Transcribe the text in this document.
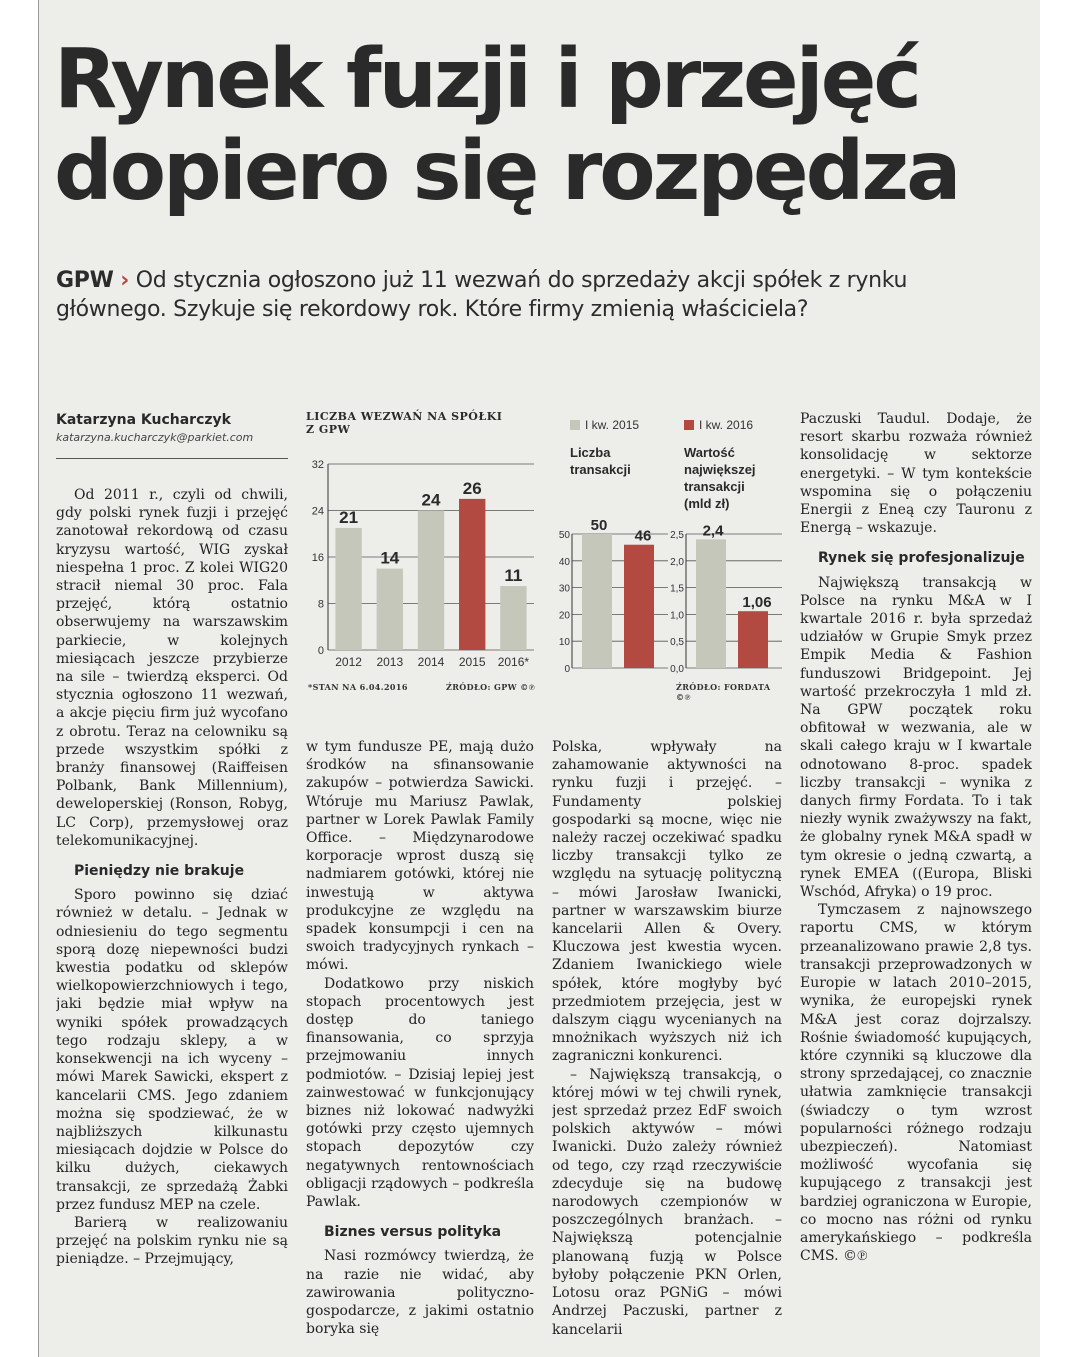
Rynek fuzji i przejęć dopiero się rozpędza

GPW › Od stycznia ogłoszono już 11 wezwań do sprzedaży akcji spółek z rynku głównego. Szykuje się rekordowy rok. Które firmy zmienią właściciela?

Katarzyna Kucharczyk
katarzyna.kucharczyk@parkiet.com

Od 2011 r., czyli od chwili, gdy polski rynek fuzji i przejęć zanotował rekordową od czasu kryzysu wartość, WIG zyskał niespełna 1 proc. Z kolei WIG20 stracił niemal 30 proc. Fala przejęć, którą ostatnio obserwujemy na warszawskim parkiecie, w kolejnych miesiącach jeszcze przybierze na sile – twierdzą eksperci. Od stycznia ogłoszono 11 wezwań, a akcje pięciu firm już wycofano z obrotu. Teraz na celowniku są przede wszystkim spółki z branży finansowej (Raiffeisen Polbank, Bank Millennium), deweloperskiej (Ronson, Robyg, LC Corp), przemysłowej oraz telekomunikacyjnej.

Pieniędzy nie brakuje

Sporo powinno się dziać również w detalu. – Jednak w odniesieniu do tego segmentu sporą dozę niepewności budzi kwestia podatku od sklepów wielkopowierzchniowych i tego, jaki będzie miał wpływ na wyniki spółek prowadzących tego rodzaju sklepy, a w konsekwencji na ich wyceny – mówi Marek Sawicki, ekspert z kancelarii CMS. Jego zdaniem można się spodziewać, że w najbliższych kilkunastu miesiącach dojdzie w Polsce do kilku dużych, ciekawych transakcji, ze sprzedażą Żabki przez fundusz MEP na czele.

Barierą w realizowaniu przejęć na polskim rynku nie są pieniądze. – Przejmujący,

LICZBA WEZWAŃ NA SPÓŁKI
Z GPW
0
8
16
24
32
21
2012
14
2013
24
2014
26
2015
11
2016*
*STAN NA 6.04.2016	ŹRÓDŁO: GPW ©℗
I kw. 2015	I kw. 2016
Liczba transakcji
Wartość największej transakcji (mld zł)
0
10
20
30
40
50
50
46
0,0
0,5
1,0
1,5
2,0
2,5 2,4
1,06
ŹRÓDŁO: FORDATA ©℗

w tym fundusze PE, mają dużo środków na sfinansowanie zakupów – potwierdza Sawicki. Wtóruje mu Mariusz Pawlak, partner w Lorek Pawlak Family Office. – Międzynarodowe korporacje wprost duszą się nadmiarem gotówki, której nie inwestują w aktywa produkcyjne ze względu na spadek konsumpcji i cen na swoich tradycyjnych rynkach – mówi.

Dodatkowo przy niskich stopach procentowych jest dostęp do taniego finansowania, co sprzyja przejmowaniu innych podmiotów. – Dzisiaj lepiej jest zainwestować w funkcjonujący biznes niż lokować nadwyżki gotówki przy często ujemnych stopach depozytów czy negatywnych rentownościach obligacji rządowych – podkreśla Pawlak.

Biznes versus polityka

Nasi rozmówcy twierdzą, że na razie nie widać, aby zawirowania polityczno-gospodarcze, z jakimi ostatnio boryka się

Polska, wpływały na zahamowanie aktywności na rynku fuzji i przejęć. – Fundamenty polskiej gospodarki są mocne, więc nie należy raczej oczekiwać spadku liczby transakcji tylko ze względu na sytuację polityczną – mówi Jarosław Iwanicki, partner w warszawskim biurze kancelarii Allen & Overy. Kluczowa jest kwestia wycen. Zdaniem Iwanickiego wiele spółek, które mogłyby być przedmiotem przejęcia, jest w dalszym ciągu wycenianych na mnożnikach wyższych niż ich zagraniczni konkurenci.

– Największą transakcją, o której mówi w tej chwili rynek, jest sprzedaż przez EdF swoich polskich aktywów – mówi Iwanicki. Dużo zależy również od tego, czy rząd rzeczywiście zdecyduje się na budowę narodowych czempionów w poszczególnych branżach. – Największą potencjalnie planowaną fuzją w Polsce byłoby połączenie PKN Orlen, Lotosu oraz PGNiG – mówi Andrzej Paczuski, partner z kancelarii

Paczuski Taudul. Dodaje, że resort skarbu rozważa również konsolidację w sektorze energetyki. – W tym kontekście wspomina się o połączeniu Energii z Eneą czy Tauronu z Energą – wskazuje.

Rynek się profesjonalizuje

Największą transakcją w Polsce na rynku M&A w I kwartale 2016 r. była sprzedaż udziałów w Grupie Smyk przez Empik Media & Fashion funduszowi Bridgepoint. Jej wartość przekroczyła 1 mld zł. Na GPW początek roku obfitował w wezwania, ale w skali całego kraju w I kwartale odnotowano 8-proc. spadek liczby transakcji – wynika z danych firmy Fordata. To i tak niezły wynik zważywszy na fakt, że globalny rynek M&A spadł w tym okresie o jedną czwartą, a rynek EMEA ((Europa, Bliski Wschód, Afryka) o 19 proc.

Tymczasem z najnowszego raportu CMS, w którym przeanalizowano prawie 2,8 tys. transakcji przeprowadzonych w Europie w latach 2010–2015, wynika, że europejski rynek M&A jest coraz dojrzalszy. Rośnie świadomość kupujących, które czynniki są kluczowe dla strony sprzedającej, co znacznie ułatwia zamknięcie transakcji (świadczy o tym wzrost popularności różnego rodzaju ubezpieczeń). Natomiast możliwość wycofania się kupującego z transakcji jest bardziej ograniczona w Europie, co mocno nas różni od rynku amerykańskiego – podkreśla CMS. ©℗
